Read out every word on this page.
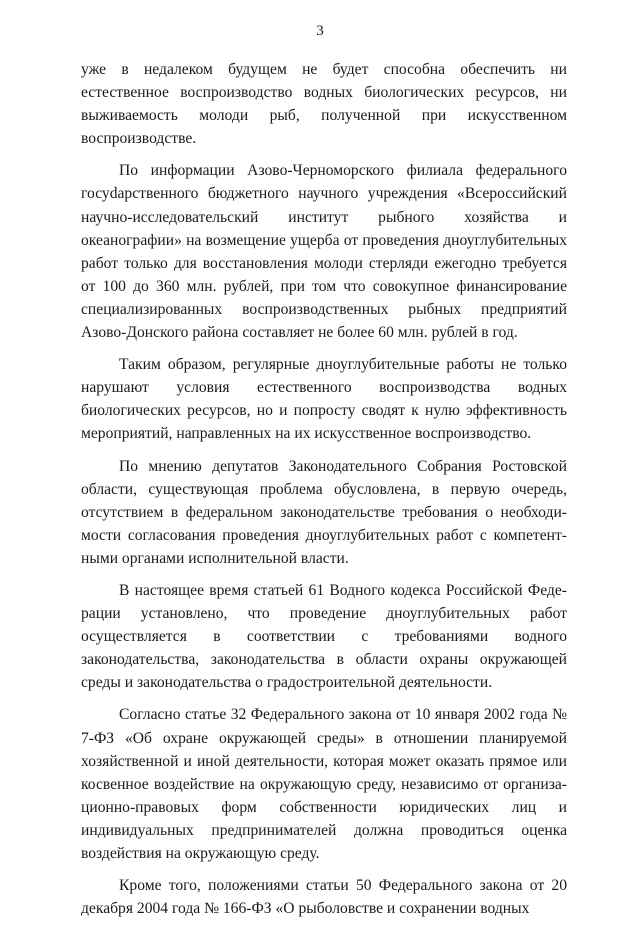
3

уже в недалеком будущем не будет способна обеспечить ни естественное воспроизводство водных биологических ресурсов, ни выживаемость молоди рыб, полученной при искусственном воспроизводстве.

По информации Азово-Черноморского филиала федерального госуdарственного бюджетного научного учреждения «Всероссийский научно-исследовательский институт рыбного хозяйства и океанографии» на возмещение ущерба от проведения дноуглубительных работ только для восстановления молоди стерляди ежегодно требуется от 100 до 360 млн. рублей, при том что совокупное финансирование специализированных воспроизводственных рыбных предприятий Азово-Донского района составляет не более 60 млн. рублей в год.

Таким образом, регулярные дноуглубительные работы не только нарушают условия естественного воспроизводства водных биологических ресурсов, но и попросту сводят к нулю эффективность мероприятий, направленных на их искусственное воспроизводство.

По мнению депутатов Законодательного Собрания Ростовской области, существующая проблема обусловлена, в первую очередь, отсутствием в федеральном законодательстве требования о необходимости согласования проведения дноуглубительных работ с компетентными органами исполнительной власти.

В настоящее время статьей 61 Водного кодекса Российской Федерации установлено, что проведение дноуглубительных работ осуществляется в соответствии с требованиями водного законодательства, законодательства в области охраны окружающей среды и законодательства о градостроительной деятельности.

Согласно статье 32 Федерального закона от 10 января 2002 года № 7-ФЗ «Об охране окружающей среды» в отношении планируемой хозяйственной и иной деятельности, которая может оказать прямое или косвенное воздействие на окружающую среду, независимо от организационно-правовых форм собственности юридических лиц и индивидуальных предпринимателей должна проводиться оценка воздействия на окружающую среду.

Кроме того, положениями статьи 50 Федерального закона от 20 декабря 2004 года № 166-ФЗ «О рыболовстве и сохранении водных
